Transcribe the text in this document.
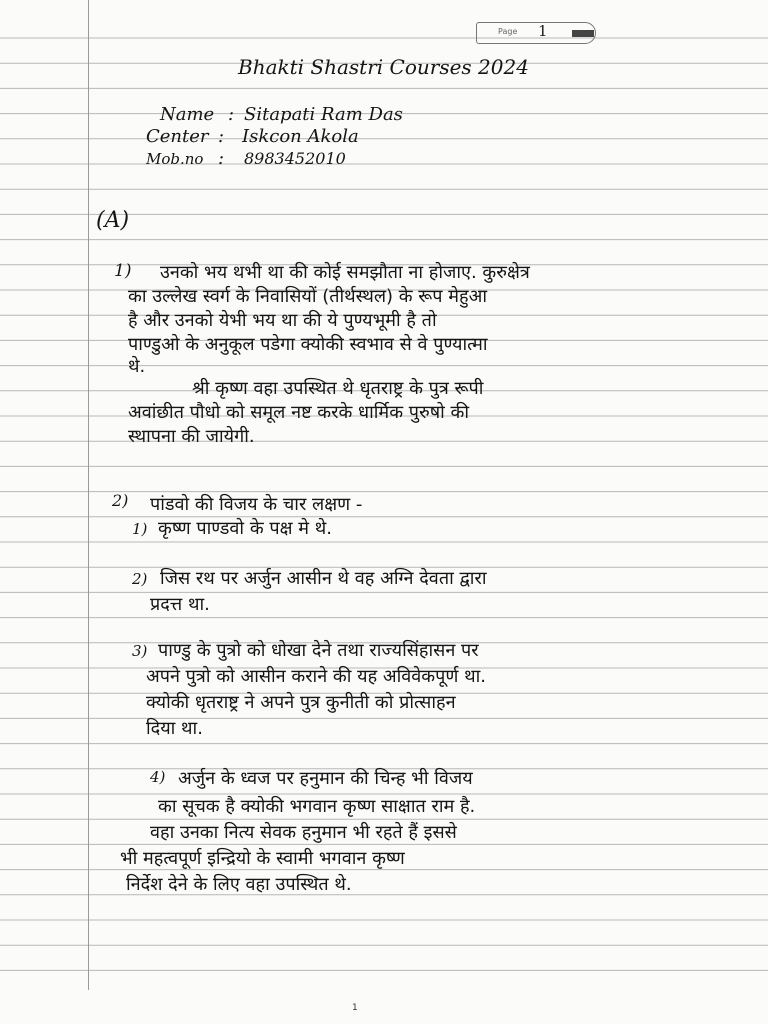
Page 1
Bhakti Shastri Courses 2024
Name : Sitapati Ram Das
Center : Iskcon Akola
Mob.no : 8983452010
(A)
1) उनको भय थभी था की कोई समझौता ना होजाए. कुरुक्षेत्र
का उल्लेख स्वर्ग के निवासियों (तीर्थस्थल) के रूप मेहुआ
है और उनको येभी भय था की ये पुण्यभूमी है तो
पाण्डुओ के अनुकूल पडेगा क्योकी स्वभाव से वे पुण्यात्मा
थे.
श्री कृष्ण वहा उपस्थित थे धृतराष्ट्र के पुत्र रूपी
अवांछीत पौधो को समूल नष्ट करके धार्मिक पुरुषो की
स्थापना की जायेगी.
2) पांडवो की विजय के चार लक्षण -
1) कृष्ण पाण्डवो के पक्ष मे थे.
2) जिस रथ पर अर्जुन आसीन थे वह अग्नि देवता द्वारा
प्रदत्त था.
3) पाण्डु के पुत्रो को धोखा देने तथा राज्यसिंहासन पर
अपने पुत्रो को आसीन कराने की यह अविवेकपूर्ण था.
क्योकी धृतराष्ट्र ने अपने पुत्र कुनीती को प्रोत्साहन
दिया था.
4) अर्जुन के ध्वज पर हनुमान की चिन्ह भी विजय
का सूचक है क्योकी भगवान कृष्ण साक्षात राम है.
वहा उनका नित्य सेवक हनुमान भी रहते हैं इससे
भी महत्वपूर्ण इन्द्रियो के स्वामी भगवान कृष्ण
निर्देश देने के लिए वहा उपस्थित थे.
1
